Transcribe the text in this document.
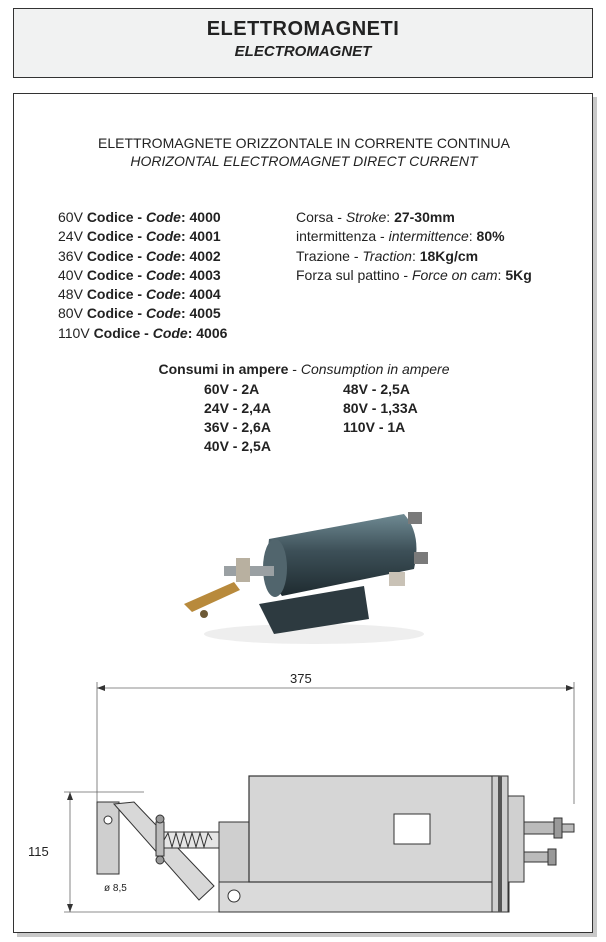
ELETTROMAGNETI
ELECTROMAGNET
ELETTROMAGNETE ORIZZONTALE IN CORRENTE CONTINUA
HORIZONTAL ELECTROMAGNET DIRECT CURRENT
60V Codice - Code: 4000
24V Codice - Code: 4001
36V Codice - Code: 4002
40V Codice - Code: 4003
48V Codice - Code: 4004
80V Codice - Code: 4005
110V Codice - Code: 4006
Corsa - Stroke: 27-30mm
intermittenza - intermittence: 80%
Trazione - Traction: 18Kg/cm
Forza sul pattino - Force on cam: 5Kg
Consumi in ampere - Consumption in ampere
60V - 2A
24V - 2,4A
36V - 2,6A
40V - 2,5A
48V - 2,5A
80V - 1,33A
110V - 1A
375
115
ø 8,5
